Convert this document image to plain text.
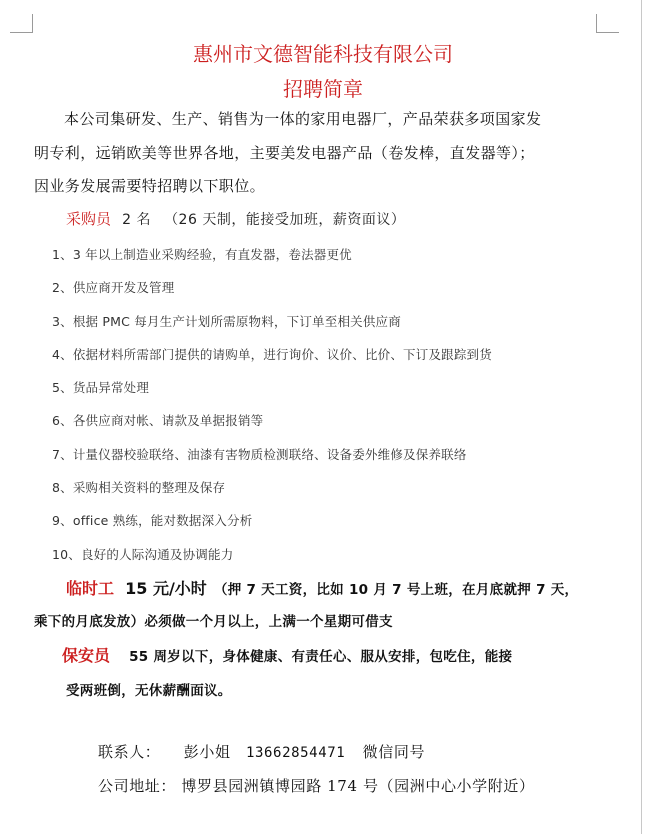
惠州市文德智能科技有限公司
招聘简章
本公司集研发、生产、销售为一体的家用电器厂，产品荣获多项国家发
明专利，远销欧美等世界各地，主要美发电器产品（卷发棒，直发器等）；
因业务发展需要特招聘以下职位。
采购员 2 名 （26 天制，能接受加班，薪资面议）
1、3 年以上制造业采购经验，有直发器，卷法器更优
2、供应商开发及管理
3、根据 PMC 每月生产计划所需原物料，下订单至相关供应商
4、依据材料所需部门提供的请购单，进行询价、议价、比价、下订及跟踪到货
5、货品异常处理
6、各供应商对帐、请款及单据报销等
7、计量仪器校验联络、油漆有害物质检测联络、设备委外维修及保养联络
8、采购相关资料的整理及保存
9、office 熟练，能对数据深入分析
10、良好的人际沟通及协调能力
临时工 15 元/小时 （押 7 天工资，比如 10 月 7 号上班，在月底就押 7 天，
乘下的月底发放）必须做一个月以上，上满一个星期可借支
保安员 55 周岁以下，身体健康、有责任心、服从安排，包吃住，能接
受两班倒，无休薪酬面议。
联系人： 彭小姐 13662854471 微信同号
公司地址： 博罗县园洲镇博园路 174 号（园洲中心小学附近）
